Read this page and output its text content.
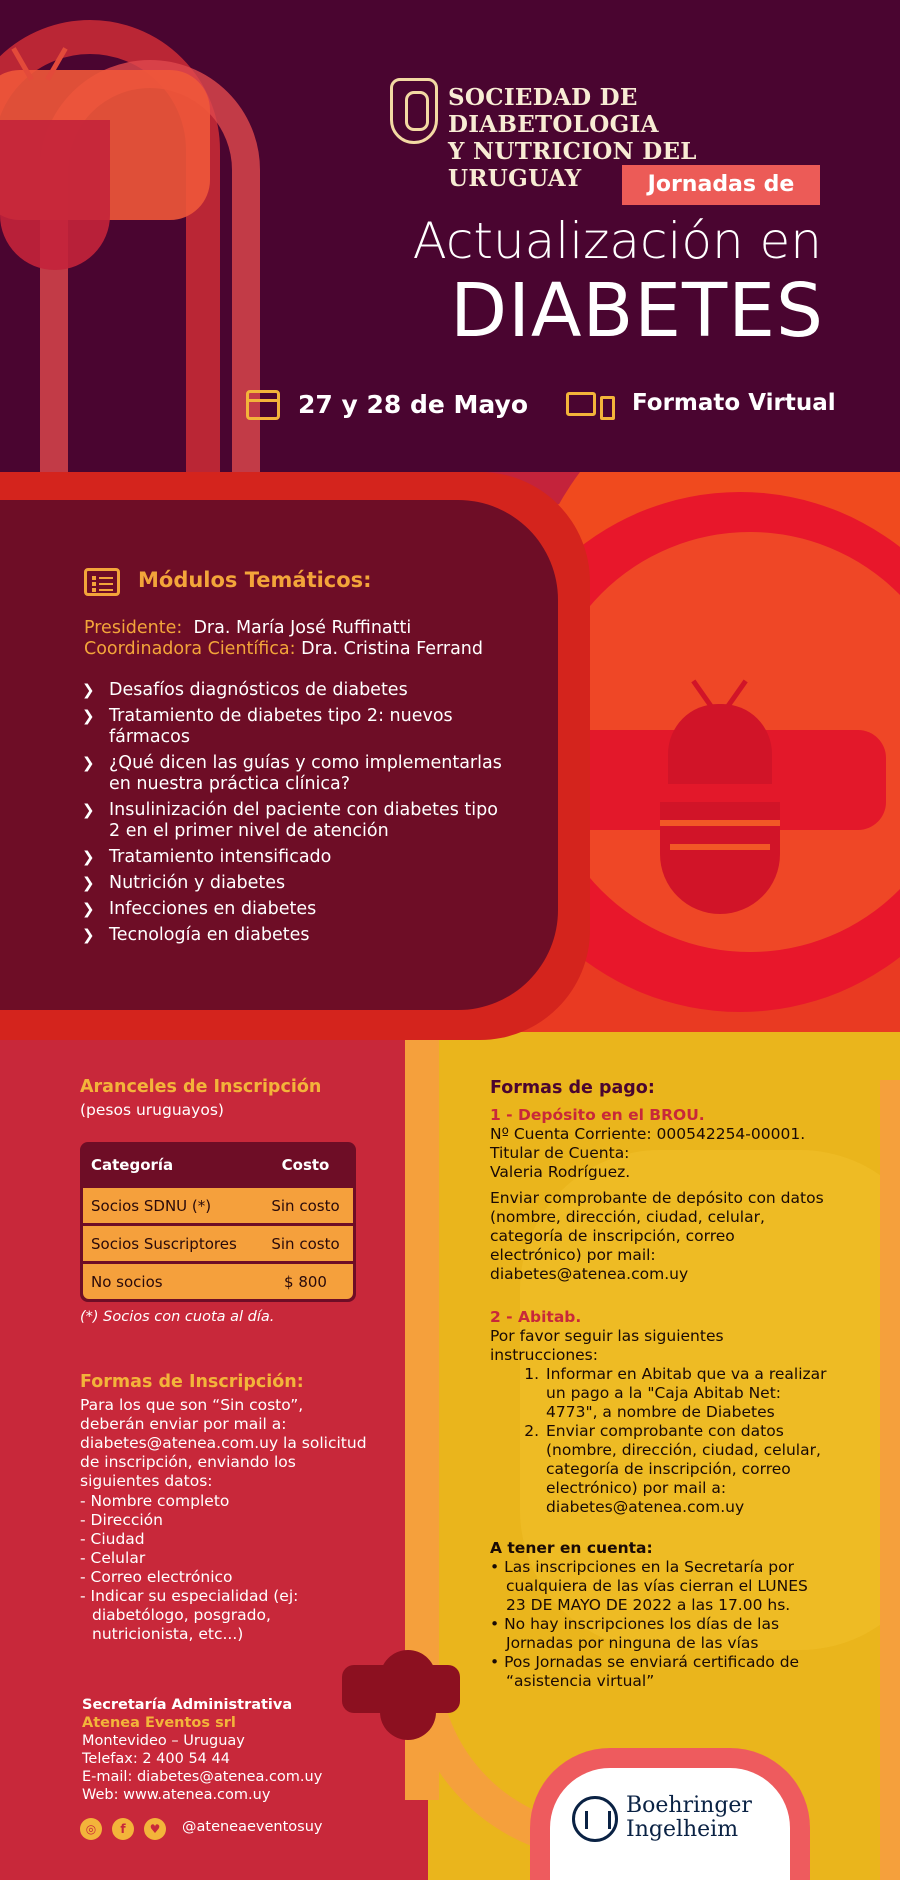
SOCIEDAD DE DIABETOLOGIA
Y NUTRICION DEL URUGUAY	Jornadas de
Actualización en
DIABETES
27 y 28 de Mayo	Formato Virtual
Módulos Temáticos:
Presidente: Dra. María José Ruffinatti
Coordinadora Científica: Dra. Cristina Ferrand
❯ Desafíos diagnósticos de diabetes
❯ Tratamiento de diabetes tipo 2: nuevos fármacos
❯ ¿Qué dicen las guías y como implementarlas en nuestra práctica clínica?
❯ Insulinización del paciente con diabetes tipo 2 en el primer nivel de atención
❯ Tratamiento intensificado
❯ Nutrición y diabetes
❯ Infecciones en diabetes
❯ Tecnología en diabetes
Aranceles de Inscripción
(pesos uruguayos)
Categoría	Costo
Socios SDNU (*)	Sin costo
Socios Suscriptores	Sin costo
No socios	$ 800
(*) Socios con cuota al día.
Formas de Inscripción:
Para los que son “Sin costo”, deberán enviar por mail a: diabetes@atenea.com.uy la solicitud de inscripción, enviando los siguientes datos:
- Nombre completo
- Dirección
- Ciudad
- Celular
- Correo electrónico
- Indicar su especialidad (ej: diabetólogo, posgrado, nutricionista, etc...)
Secretaría Administrativa
Atenea Eventos srl
Montevideo – Uruguay
Telefax: 2 400 54 44
E-mail: diabetes@atenea.com.uy
Web: www.atenea.com.uy
◎	f	♥	@ateneaeventosuy
Formas de pago:
1 - Depósito en el BROU.
Nº Cuenta Corriente: 000542254-00001.
Titular de Cuenta:

Valeria Rodríguez.

Enviar comprobante de depósito con datos (nombre, dirección, ciudad, celular, categoría de inscripción, correo electrónico) por mail: diabetes@atenea.com.uy

2 - Abitab.
Por favor seguir las siguientes instrucciones:
1. Informar en Abitab que va a realizar un pago a la "Caja Abitab Net: 4773", a nombre de Diabetes
2. Enviar comprobante con datos (nombre, dirección, ciudad, celular, categoría de inscripción, correo electrónico) por mail a: diabetes@atenea.com.uy
A tener en cuenta:
• Las inscripciones en la Secretaría por cualquiera de las vías cierran el LUNES 23 DE MAYO DE 2022 a las 17.00 hs.
• No hay inscripciones los días de las Jornadas por ninguna de las vías
• Pos Jornadas se enviará certificado de “asistencia virtual”
Boehringer
Ingelheim
